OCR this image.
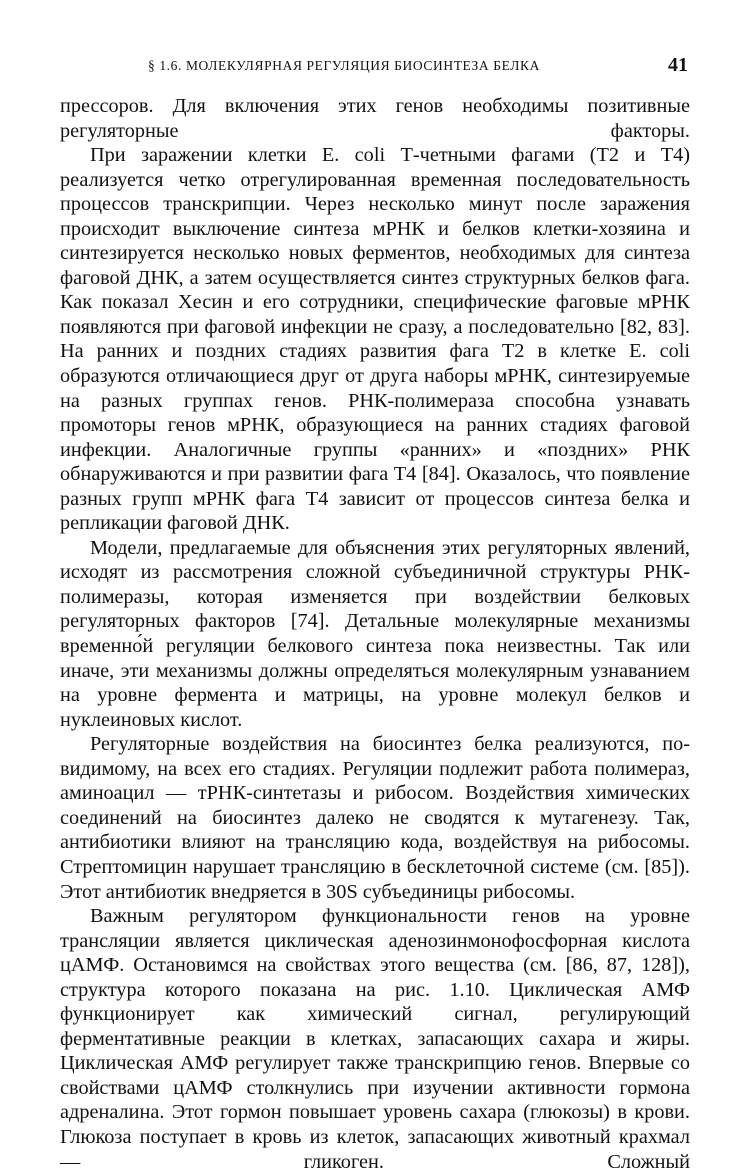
§ 1.6. МОЛЕКУЛЯРНАЯ РЕГУЛЯЦИЯ БИОСИНТЕЗА БЕЛКА	41

прессоров. Для включения этих генов необходимы позитивные регуляторные факторы.

При заражении клетки E. coli Т-четными фагами (Т2 и Т4) реализуется четко отрегулированная временная последовательность процессов транскрипции. Через несколько минут после заражения происходит выключение синтеза мРНК и белков клетки-хозяина и синтезируется несколько новых ферментов, необходимых для синтеза фаговой ДНК, а затем осуществляется синтез структурных белков фага. Как показал Хесин и его сотрудники, специфические фаговые мРНК появляются при фаговой инфекции не сразу, а последовательно [82, 83]. На ранних и поздних стадиях развития фага Т2 в клетке E. coli образуются отличающиеся друг от друга наборы мРНК, синтезируемые на разных группах генов. РНК-полимераза способна узнавать промоторы генов мРНК, образующиеся на ранних стадиях фаговой инфекции. Аналогичные группы «ранних» и «поздних» РНК обнаруживаются и при развитии фага Т4 [84]. Оказалось, что появление разных групп мРНК фага Т4 зависит от процессов синтеза белка и репликации фаговой ДНК.

Модели, предлагаемые для объяснения этих регуляторных явлений, исходят из рассмотрения сложной субъединичной структуры РНК-полимеразы, которая изменяется при воздействии белковых регуляторных факторов [74]. Детальные молекулярные механизмы временно́й регуляции белкового синтеза пока неизвестны. Так или иначе, эти механизмы должны определяться молекулярным узнаванием на уровне фермента и матрицы, на уровне молекул белков и нуклеиновых кислот.

Регуляторные воздействия на биосинтез белка реализуются, по-видимому, на всех его стадиях. Регуляции подлежит работа полимераз, аминоацил — тРНК-синтетазы и рибосом. Воздействия химических соединений на биосинтез далеко не сводятся к мутагенезу. Так, антибиотики влияют на трансляцию кода, воздействуя на рибосомы. Стрептомицин нарушает трансляцию в бесклеточной системе (см. [85]). Этот антибиотик внедряется в 30S субъединицы рибосомы.

Важным регулятором функциональности генов на уровне трансляции является циклическая аденозинмонофосфорная кислота цАМФ. Остановимся на свойствах этого вещества (см. [86, 87, 128]), структура которого показана на рис. 1.10. Циклическая АМФ функционирует как химический сигнал, регулирующий ферментативные реакции в клетках, запасающих сахара и жиры. Циклическая АМФ регулирует также транскрипцию генов. Впервые со свойствами цАМФ столкнулись при изучении активности гормона адреналина. Этот гормон повышает уровень сахара (глюкозы) в крови. Глюкоза поступает в кровь из клеток, запасающих животный крахмал — гликоген. Сложный
